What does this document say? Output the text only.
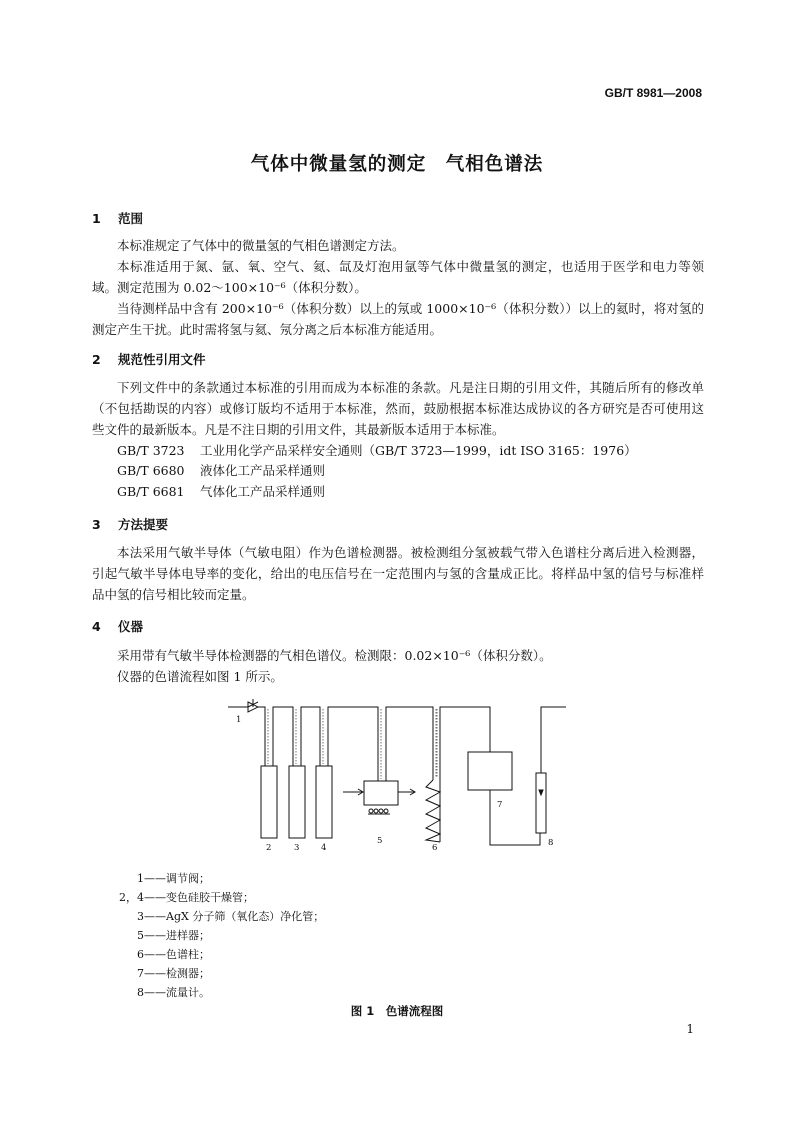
GB/T 8981—2008
气体中微量氢的测定　气相色谱法
1 范围
本标准规定了气体中的微量氢的气相色谱测定方法。
本标准适用于氮、氩、氧、空气、氦、氙及灯泡用氩等气体中微量氢的测定，也适用于医学和电力等领域。测定范围为 0.02～100×10⁻⁶（体积分数）。
当待测样品中含有 200×10⁻⁶（体积分数）以上的氖或 1000×10⁻⁶（体积分数））以上的氦时，将对氢的测定产生干扰。此时需将氢与氦、氖分离之后本标准方能适用。
2 规范性引用文件
下列文件中的条款通过本标准的引用而成为本标准的条款。凡是注日期的引用文件，其随后所有的修改单（不包括勘误的内容）或修订版均不适用于本标准，然而，鼓励根据本标准达成协议的各方研究是否可使用这些文件的最新版本。凡是不注日期的引用文件，其最新版本适用于本标准。
GB/T 3723 工业用化学产品采样安全通则（GB/T 3723—1999，idt ISO 3165：1976）
GB/T 6680 液体化工产品采样通则
GB/T 6681 气体化工产品采样通则
3 方法提要
本法采用气敏半导体（气敏电阻）作为色谱检测器。被检测组分氢被载气带入色谱柱分离后进入检测器，引起气敏半导体电导率的变化，给出的电压信号在一定范围内与氢的含量成正比。将样品中氢的信号与标准样品中氢的信号相比较而定量。
4 仪器
采用带有气敏半导体检测器的气相色谱仪。检测限：0.02×10⁻⁶（体积分数）。
仪器的色谱流程如图 1 所示。
1
2	3	4
5
6
7
8
1——调节阀；
2，4——变色硅胶干燥管；
3——AgX 分子筛（氧化态）净化管；
5——进样器；
6——色谱柱；
7——检测器；
8——流量计。
图 1　色谱流程图
1
